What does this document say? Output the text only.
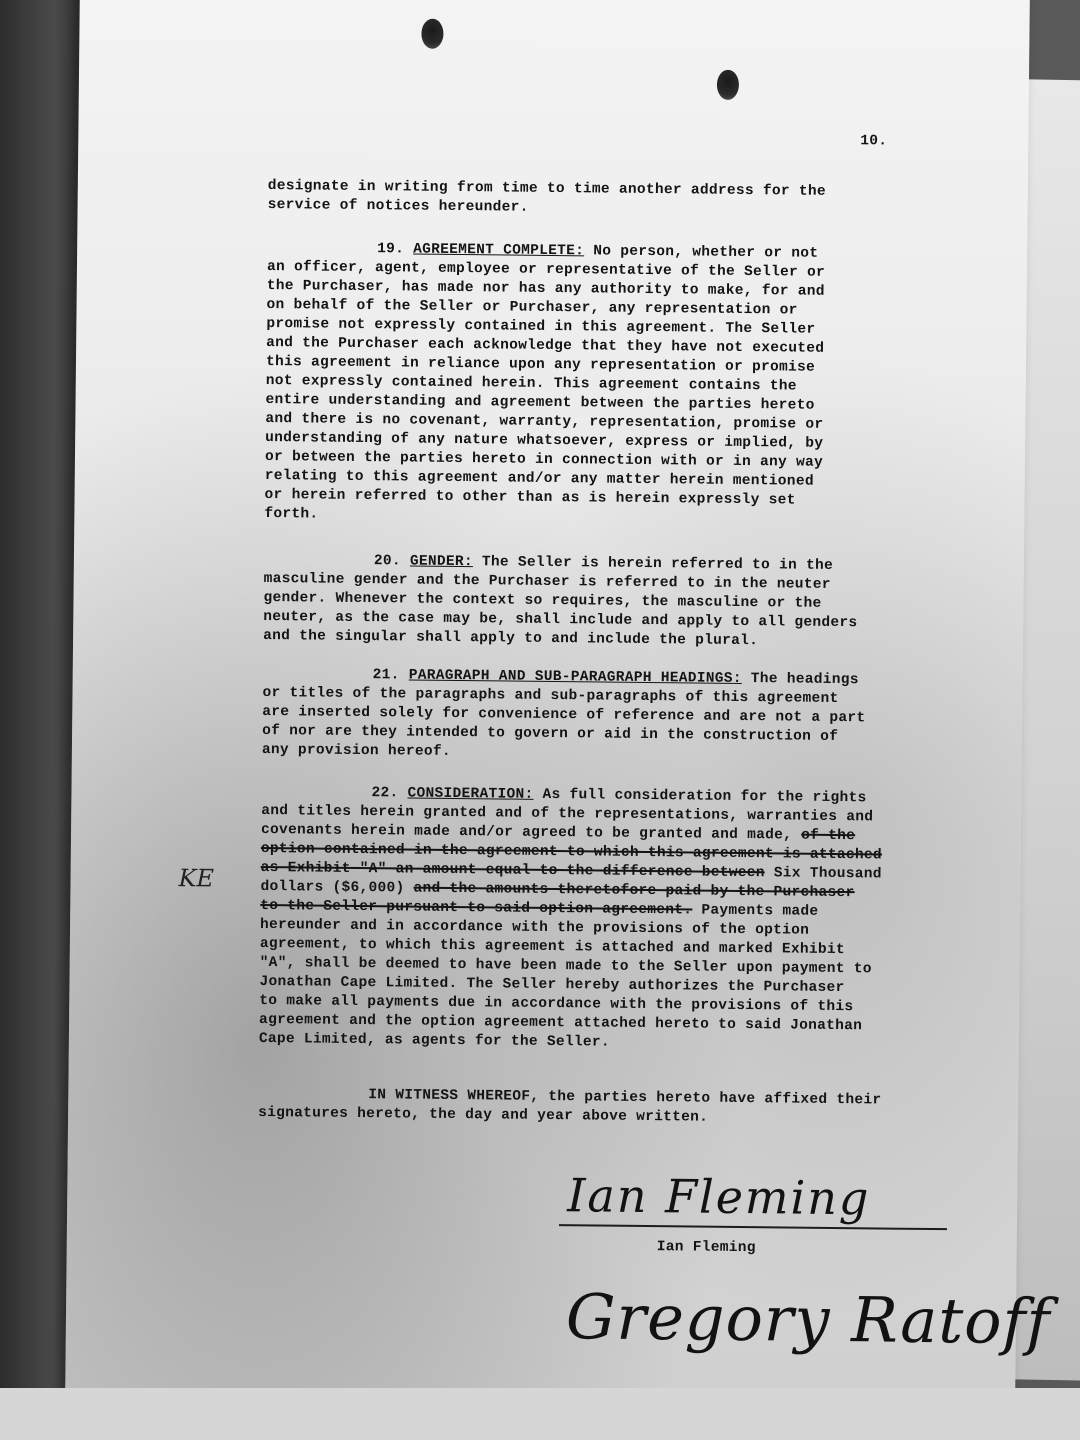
10.
designate in writing from time to time another address for the
service of notices hereunder.
19. AGREEMENT COMPLETE: No person, whether or not
an officer, agent, employee or representative of the Seller or
the Purchaser, has made nor has any authority to make, for and
on behalf of the Seller or Purchaser, any representation or
promise not expressly contained in this agreement. The Seller
and the Purchaser each acknowledge that they have not executed
this agreement in reliance upon any representation or promise
not expressly contained herein. This agreement contains the
entire understanding and agreement between the parties hereto
and there is no covenant, warranty, representation, promise or
understanding of any nature whatsoever, express or implied, by
or between the parties hereto in connection with or in any way
relating to this agreement and/or any matter herein mentioned
or herein referred to other than as is herein expressly set
forth.
20. GENDER: The Seller is herein referred to in the
masculine gender and the Purchaser is referred to in the neuter
gender. Whenever the context so requires, the masculine or the
neuter, as the case may be, shall include and apply to all genders
and the singular shall apply to and include the plural.
21. PARAGRAPH AND SUB-PARAGRAPH HEADINGS: The headings
or titles of the paragraphs and sub-paragraphs of this agreement
are inserted solely for convenience of reference and are not a part
of nor are they intended to govern or aid in the construction of
any provision hereof.
22. CONSIDERATION: As full consideration for the rights
and titles herein granted and of the representations, warranties and
covenants herein made and/or agreed to be granted and made, of the
option contained in the agreement to which this agreement is attached
as Exhibit "A" an amount equal to the difference between Six Thousand
dollars ($6,000) and the amounts theretofore paid by the Purchaser
to the Seller pursuant to said option agreement. Payments made
hereunder and in accordance with the provisions of the option
agreement, to which this agreement is attached and marked Exhibit
"A", shall be deemed to have been made to the Seller upon payment to
Jonathan Cape Limited. The Seller hereby authorizes the Purchaser
to make all payments due in accordance with the provisions of this
agreement and the option agreement attached hereto to said Jonathan
Cape Limited, as agents for the Seller.
KE
IN WITNESS WHEREOF, the parties hereto have affixed their
signatures hereto, the day and year above written.
Ian Fleming
Ian Fleming
Gregory Ratoff
